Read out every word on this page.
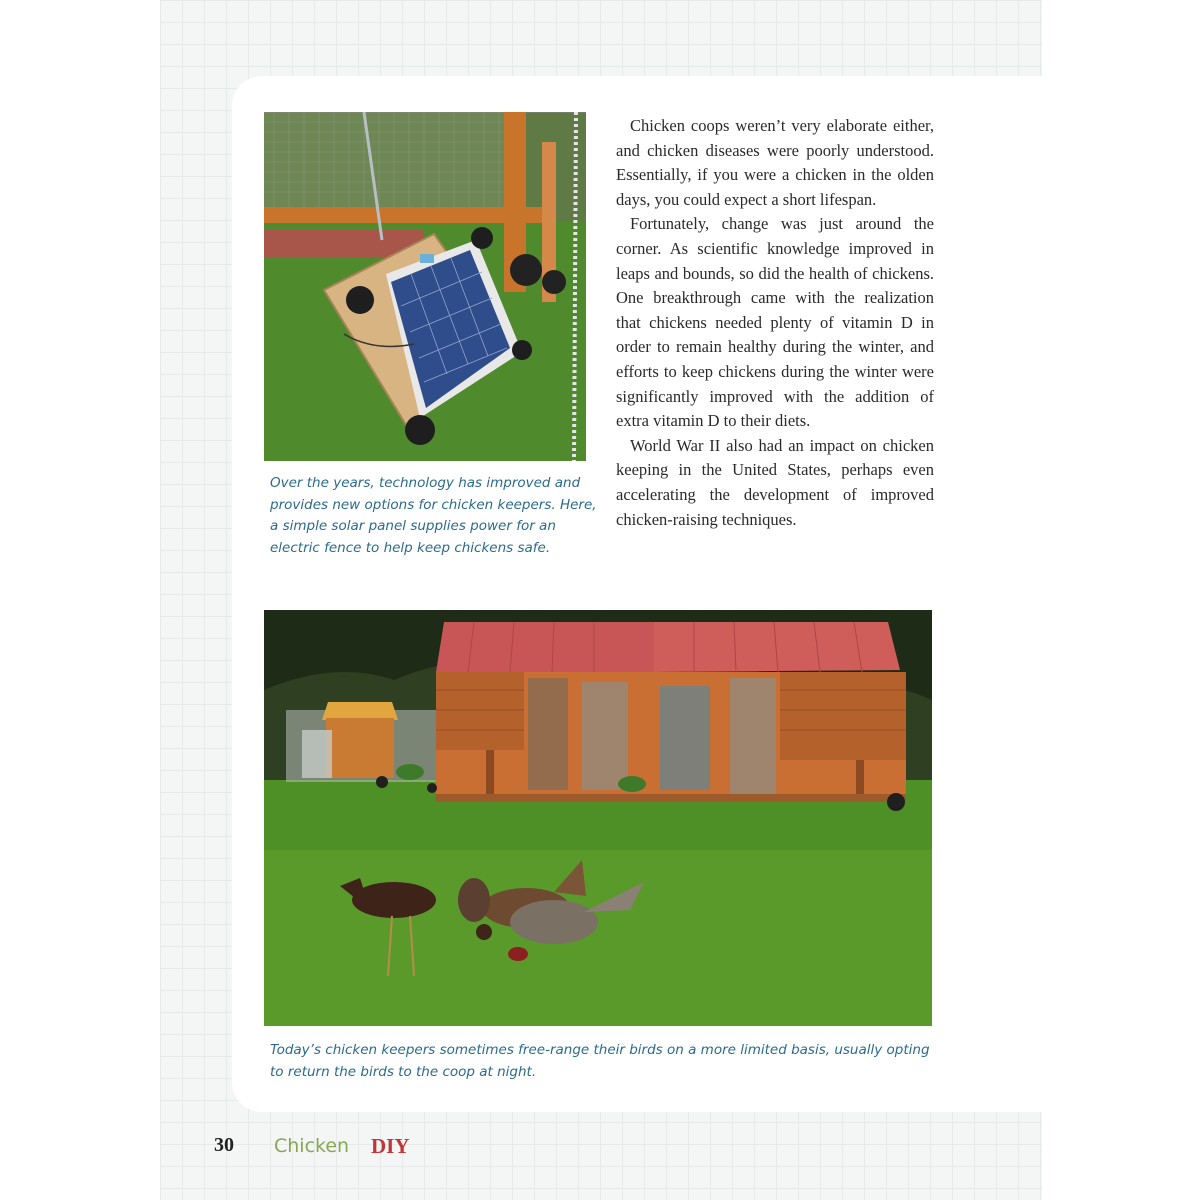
Over the years, technology has improved and provides new options for chicken keepers. Here, a simple solar panel supplies power for an electric fence to help keep chickens safe.

Chicken coops weren’t very elaborate either, and chicken diseases were poorly understood. Essentially, if you were a chicken in the olden days, you could expect a short lifespan.

Fortunately, change was just around the corner. As scientific knowledge improved in leaps and bounds, so did the health of chickens. One breakthrough came with the realization that chickens needed plenty of vitamin D in order to remain healthy during the winter, and efforts to keep chickens during the winter were significantly improved with the addition of extra vitamin D to their diets.

World War II also had an impact on chicken keeping in the United States, perhaps even accelerating the development of improved chicken-raising techniques.

Today’s chicken keepers sometimes free-range their birds on a more limited basis, usually opting to return the birds to the coop at night.

30 Chicken DIY
